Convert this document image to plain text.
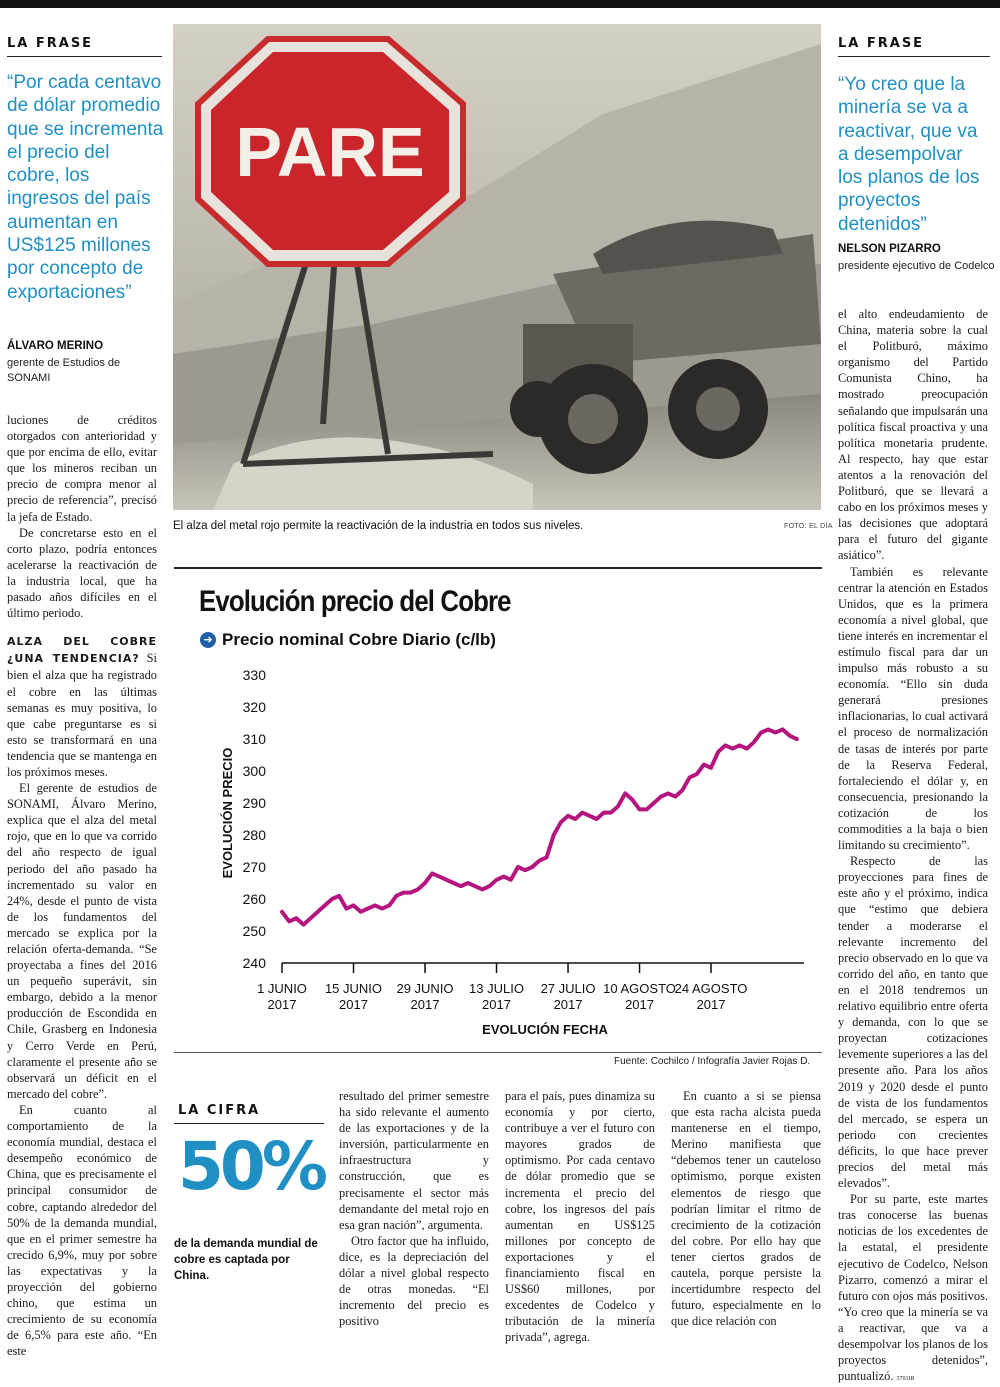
LA FRASE
“Por cada centavo de dólar promedio que se incrementa el precio del cobre, los ingresos del país aumentan en US$125 millones por concepto de exportaciones”
ÁLVARO MERINO
gerente de Estudios de SONAMI

luciones de créditos otorgados con anterioridad y que por encima de ello, evitar que los mineros reciban un precio de compra menor al precio de referencia”, precisó la jefa de Estado.

De concretarse esto en el corto plazo, podría entonces acelerarse la reactivación de la industria local, que ha pasado años difíciles en el último periodo.

ALZA DEL COBRE ¿UNA TENDENCIA? Si bien el alza que ha registrado el cobre en las últimas semanas es muy positiva, lo que cabe preguntarse es si esto se transformará en una tendencia que se mantenga en los próximos meses.

El gerente de estudios de SONAMI, Álvaro Merino, explica que el alza del metal rojo, que en lo que va corrido del año respecto de igual periodo del año pasado ha incrementado su valor en 24%, desde el punto de vista de los fundamentos del mercado se explica por la relación oferta-demanda. “Se proyectaba a fines del 2016 un pequeño superávit, sin embargo, debido a la menor producción de Escondida en Chile, Grasberg en Indonesia y Cerro Verde en Perú, claramente el presente año se observará un déficit en el mercado del cobre”.

En cuanto al comportamiento de la economía mundial, destaca el desempeño económico de China, que es precisamente el principal consumidor de cobre, captando alrededor del 50% de la demanda mundial, que en el primer semestre ha crecido 6,9%, muy por sobre las expectativas y la proyección del gobierno chino, que estima un crecimiento de su economía de 6,5% para este año. “En este

PARE
El alza del metal rojo permite la reactivación de la industria en todos sus niveles.	FOTO: EL DÍA
LA FRASE
“Yo creo que la minería se va a reactivar, que va a desempolvar los planos de los proyectos detenidos”
NELSON PIZARRO
presidente ejecutivo de Codelco

el alto endeudamiento de China, materia sobre la cual el Politburó, máximo organismo del Partido Comunista Chino, ha mostrado preocupación señalando que impulsarán una política fiscal proactiva y una política monetaria prudente. Al respecto, hay que estar atentos a la renovación del Politburó, que se llevará a cabo en los próximos meses y las decisiones que adoptará para el futuro del gigante asiático”.

También es relevante centrar la atención en Estados Unidos, que es la primera economía a nivel global, que tiene interés en incrementar el estímulo fiscal para dar un impulso más robusto a su economía. “Ello sin duda generará presiones inflacionarias, lo cual activará el proceso de normalización de tasas de interés por parte de la Reserva Federal, fortaleciendo el dólar y, en consecuencia, presionando la cotización de los commodities a la baja o bien limitando su crecimiento”.

Respecto de las proyecciones para fines de este año y el próximo, indica que “estimo que debiera tender a moderarse el relevante incremento del precio observado en lo que va corrido del año, en tanto que en el 2018 tendremos un relativo equilibrio entre oferta y demanda, con lo que se proyectan cotizaciones levemente superiores a las del presente año. Para los años 2019 y 2020 desde el punto de vista de los fundamentos del mercado, se espera un periodo con crecientes déficits, lo que hace prever precios del metal más elevados”.

Por su parte, este martes tras conocerse las buenas noticias de los excedentes de la estatal, el presidente ejecutivo de Codelco, Nelson Pizarro, comenzó a mirar el futuro con ojos más positivos. “Yo creo que la minería se va a reactivar, que va a desempolvar los planos de los proyectos detenidos”, puntualizó. 3701IR

Evolución precio del Cobre
➜ Precio nominal Cobre Diario (c/lb)
240
250
260
270
280
290
300
310
320
330
1 JUNIO
2017
15 JUNIO
2017
29 JUNIO
2017
13 JULIO
2017
27 JULIO
2017
10 AGOSTO
2017
24 AGOSTO
2017
EVOLUCIÓN PRECIO
EVOLUCIÓN FECHA
Fuente: Cochilco / Infografía Javier Rojas D.
LA CIFRA
50%
de la demanda mundial de cobre es captada por China.

resultado del primer semestre ha sido relevante el aumento de las exportaciones y de la inversión, particularmente en infraestructura y construcción, que es precisamente el sector más demandante del metal rojo en esa gran nación”, argumenta.

Otro factor que ha influido, dice, es la depreciación del dólar a nivel global respecto de otras monedas. “El incremento del precio es positivo

para el país, pues dinamiza su economía y por cierto, contribuye a ver el futuro con mayores grados de optimismo. Por cada centavo de dólar promedio que se incrementa el precio del cobre, los ingresos del país aumentan en US$125 millones por concepto de exportaciones y el financiamiento fiscal en US$60 millones, por excedentes de Codelco y tributación de la minería privada”, agrega.

En cuanto a si se piensa que esta racha alcista pueda mantenerse en el tiempo, Merino manifiesta que “debemos tener un cauteloso optimismo, porque existen elementos de riesgo que podrían limitar el ritmo de crecimiento de la cotización del cobre. Por ello hay que tener ciertos grados de cautela, porque persiste la incertidumbre respecto del futuro, especialmente en lo que dice relación con
